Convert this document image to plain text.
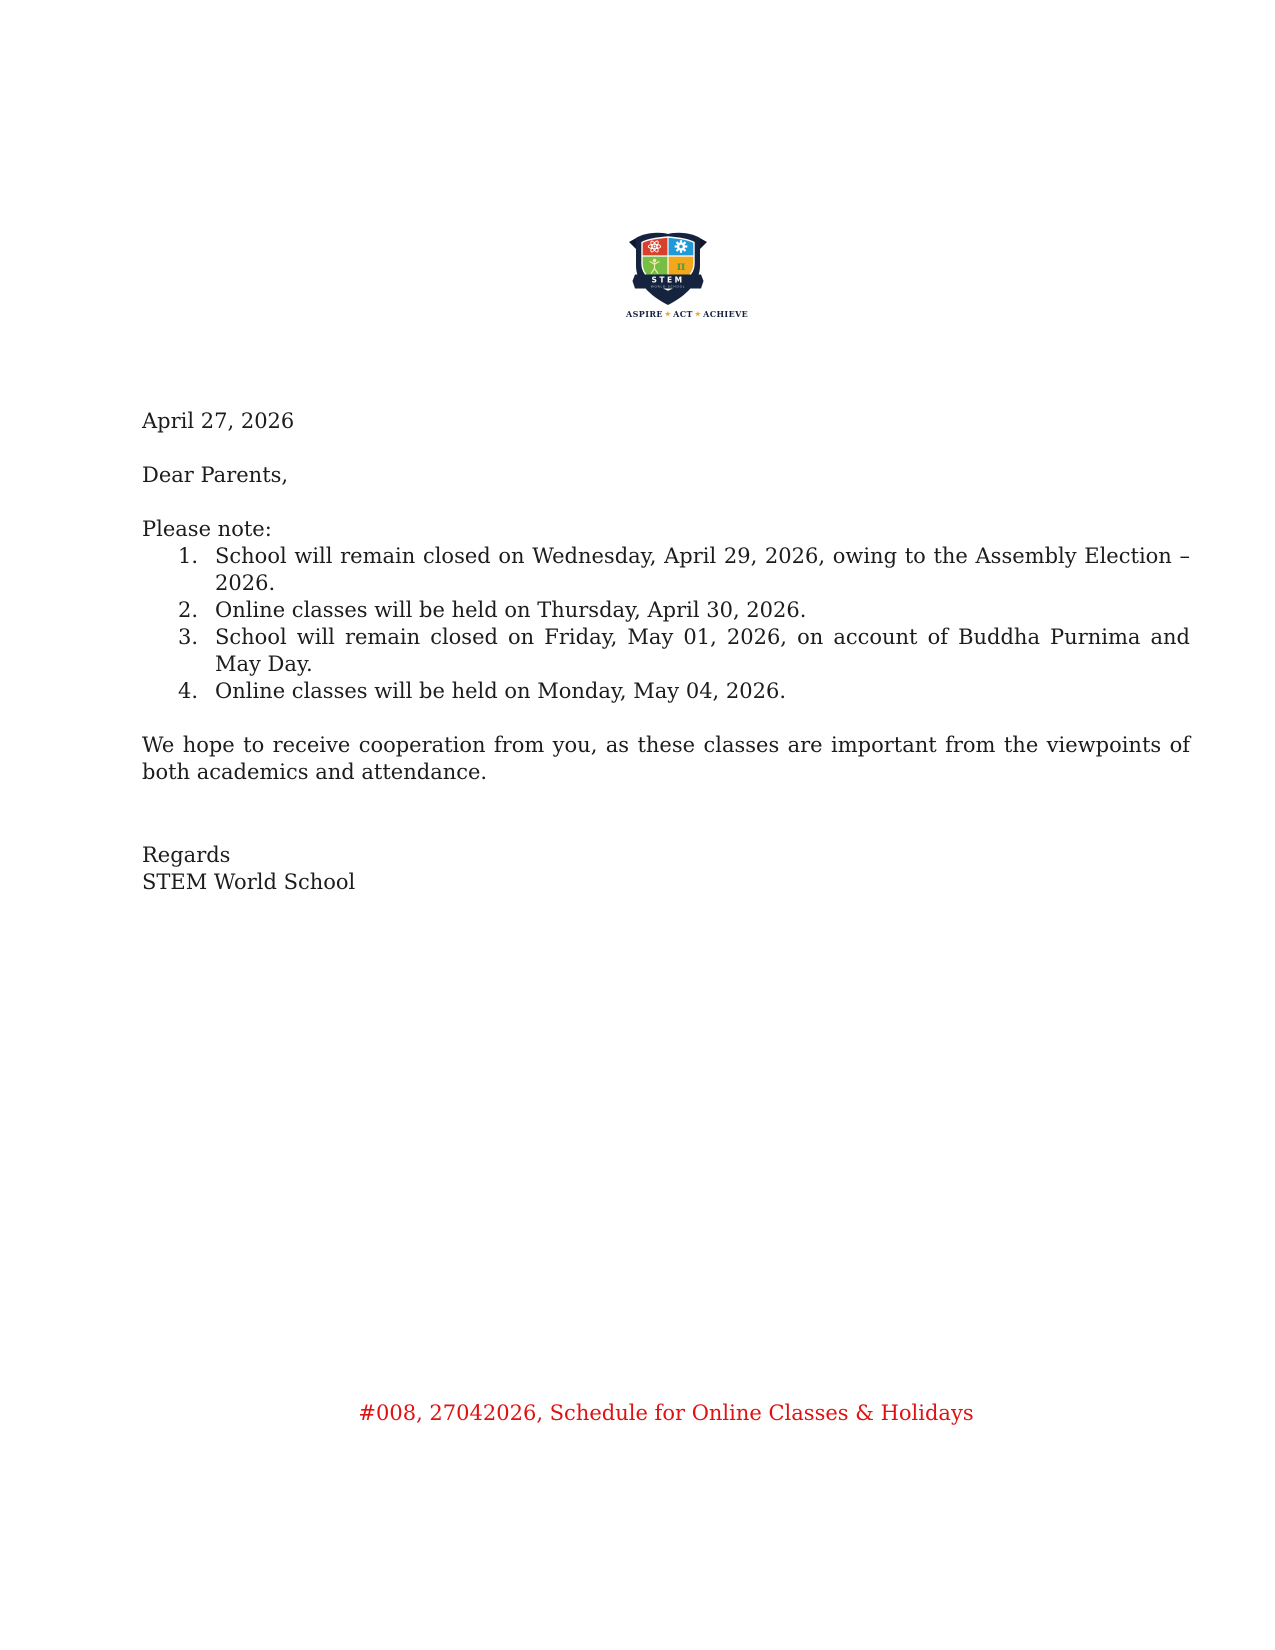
π
STEM
WORLD SCHOOL
ASPIRE ★ ACT ★ ACHIEVE

April 27, 2026

Dear Parents,

Please note:

1. School will remain closed on Wednesday, April 29, 2026, owing to the Assembly Election – 2026.
2. Online classes will be held on Thursday, April 30, 2026.
3. School will remain closed on Friday, May 01, 2026, on account of Buddha Purnima and May Day.
4. Online classes will be held on Monday, May 04, 2026.

We hope to receive cooperation from you, as these classes are important from the viewpoints of both academics and attendance.

Regards

STEM World School

#008, 27042026, Schedule for Online Classes & Holidays
